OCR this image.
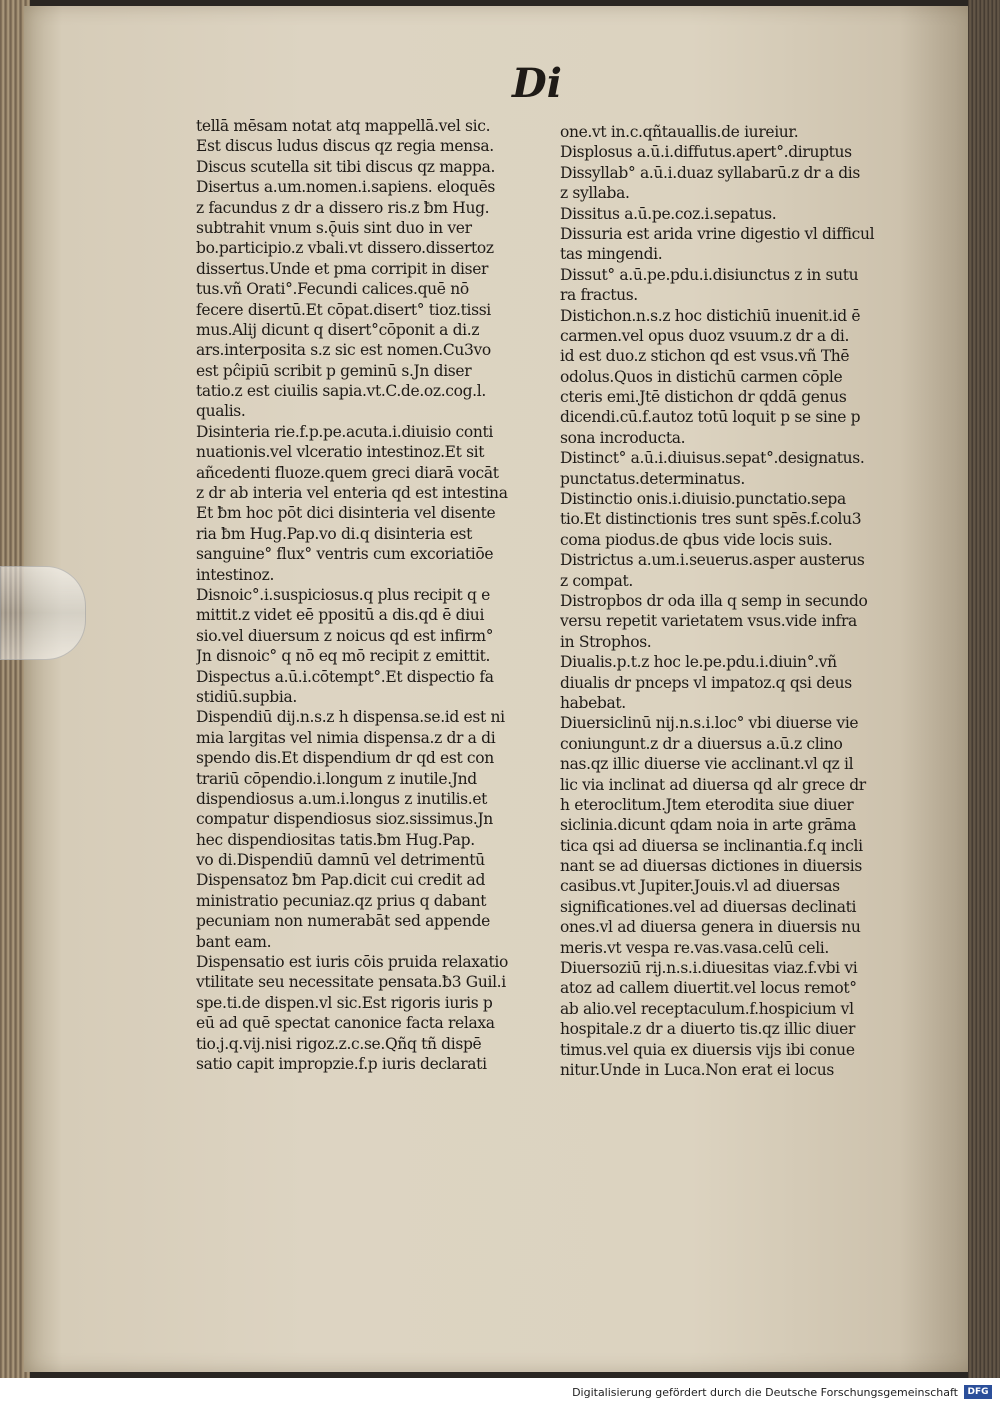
Di
tellā mēsam notat atq mappellā.vel sic.
Est discus ludus discus qz regia mensa.
Discus scutella sit tibi discus qz mappa.
Disertus a.um.nomen.i.sapiens. eloquēs
z facundus z dr a dissero ris.z ƀm Hug.
subtrahit vnum s.ǭuis sint duo in ver
bo.participio.z vbali.vt dissero.dissertoz
dissertus.Unde et pma corripit in diser
tus.vñ Orati°.Fecundi calices.quē nō
fecere disertū.Et cōpat.disert° tioz.tissi
mus.Alij dicunt q disert°cōponit a di.z
ars.interposita s.z sic est nomen.Cu3vo
est pĉipiū scribit p geminū s.Jn diser
tatio.z est ciuilis sapia.vt.C.de.oz.cog.l.
qualis.
Disinteria rie.f.p.pe.acuta.i.diuisio conti
nuationis.vel vlceratio intestinoz.Et sit
añcedenti fluoze.quem greci diarā vocāt
z dr ab interia vel enteria qd est intestina
Et ƀm hoc pōt dici disinteria vel disente
ria ƀm Hug.Pap.vo di.q disinteria est
sanguine° flux° ventris cum excoriatiōe
intestinoz.
Disnoic°.i.suspiciosus.q plus recipit q e
mittit.z videt eē ppositū a dis.qd ē diui
sio.vel diuersum z noicus qd est infirm°
Jn disnoic° q nō eq mō recipit z emittit.
Dispectus a.ū.i.cōtempt°.Et dispectio fa
stidiū.supbia.
Dispendiū dij.n.s.z h dispensa.se.id est ni
mia largitas vel nimia dispensa.z dr a di
spendo dis.Et dispendium dr qd est con
trariū cōpendio.i.longum z inutile.Jnd
dispendiosus a.um.i.longus z inutilis.et
compatur dispendiosus sioz.sissimus.Jn
hec dispendiositas tatis.ƀm Hug.Pap.
vo di.Dispendiū damnū vel detrimentū
Dispensatoz ƀm Pap.dicit cui credit ad
ministratio pecuniaz.qz prius q dabant
pecuniam non numerabāt sed appende
bant eam.
Dispensatio est iuris cōis pruida relaxatio
vtilitate seu necessitate pensata.ƀ3 Guil.i
spe.ti.de dispen.vl sic.Est rigoris iuris p
eū ad quē spectat canonice facta relaxa
tio.j.q.vij.nisi rigoz.z.c.se.Qñq tñ dispē
satio capit impropzie.f.p iuris declarati
one.vt in.c.qñtauallis.de iureiur.
Displosus a.ū.i.diffutus.apert°.diruptus
Dissyllab° a.ū.i.duaz syllabarū.z dr a dis
z syllaba.
Dissitus a.ū.pe.coz.i.sepatus.
Dissuria est arida vrine digestio vl difficul
tas mingendi.
Dissut° a.ū.pe.pdu.i.disiunctus z in sutu
ra fractus.
Distichon.n.s.z hoc distichiū inuenit.id ē
carmen.vel opus duoz vsuum.z dr a di.
id est duo.z stichon qd est vsus.vñ Thē
odolus.Quos in distichū carmen cōple
cteris emi.Jtē distichon dr qddā genus
dicendi.cū.f.autoz totū loquit p se sine p
sona incroducta.
Distinct° a.ū.i.diuisus.sepat°.designatus.
punctatus.determinatus.
Distinctio onis.i.diuisio.punctatio.sepa
tio.Et distinctionis tres sunt spēs.f.colu3
coma piodus.de qbus vide locis suis.
Districtus a.um.i.seuerus.asper austerus
z compat.
Distropbos dr oda illa q semp in secundo
versu repetit varietatem vsus.vide infra
in Strophos.
Diualis.p.t.z hoc le.pe.pdu.i.diuin°.vñ
diualis dr pnceps vl impatoz.q qsi deus
habebat.
Diuersiclinū nij.n.s.i.loc° vbi diuerse vie
coniungunt.z dr a diuersus a.ū.z clino
nas.qz illic diuerse vie acclinant.vl qz il
lic via inclinat ad diuersa qd alr grece dr
h eteroclitum.Jtem eterodita siue diuer
siclinia.dicunt qdam noia in arte grāma
tica qsi ad diuersa se inclinantia.f.q incli
nant se ad diuersas dictiones in diuersis
casibus.vt Jupiter.Jouis.vl ad diuersas
significationes.vel ad diuersas declinati
ones.vl ad diuersa genera in diuersis nu
meris.vt vespa re.vas.vasa.celū celi.
Diuersoziū rij.n.s.i.diuesitas viaz.f.vbi vi
atoz ad callem diuertit.vel locus remot°
ab alio.vel receptaculum.f.hospicium vl
hospitale.z dr a diuerto tis.qz illic diuer
timus.vel quia ex diuersis vijs ibi conue
nitur.Unde in Luca.Non erat ei locus
Digitalisierung gefördert durch die Deutsche Forschungsgemeinschaft	DFG
